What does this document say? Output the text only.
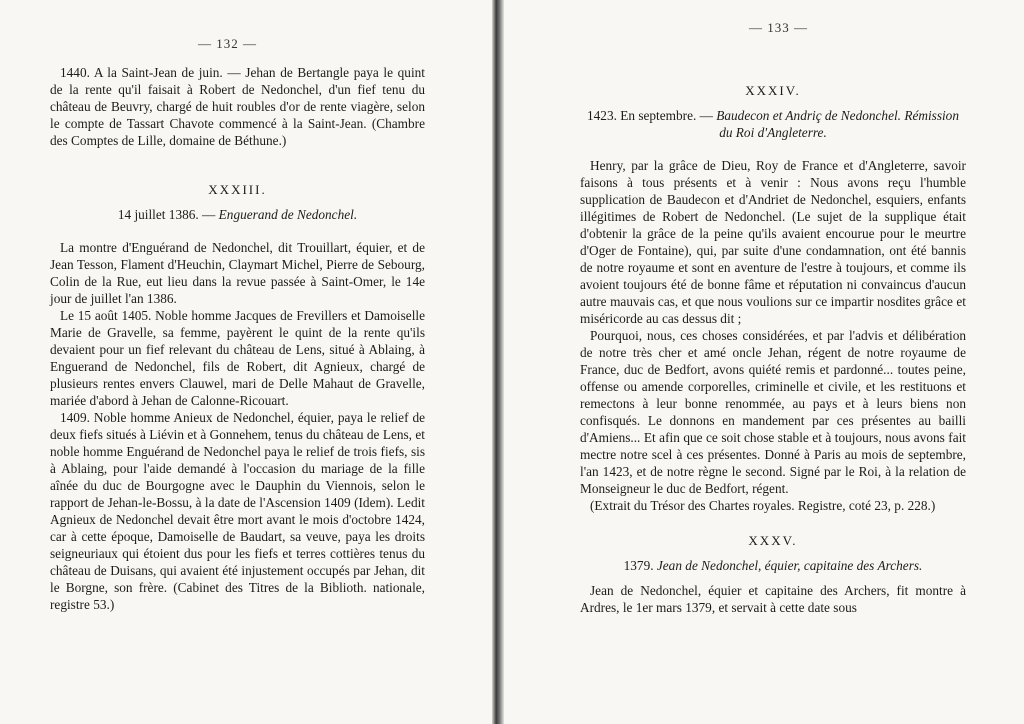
— 132 —

1440. A la Saint-Jean de juin. — Jehan de Bertangle paya le quint de la rente qu'il faisait à Robert de Nedonchel, d'un fief tenu du château de Beuvry, chargé de huit roubles d'or de rente viagère, selon le compte de Tassart Chavote commencé à la Saint-Jean. (Chambre des Comptes de Lille, domaine de Béthune.)

XXXIII.
14 juillet 1386. — Enguerand de Nedonchel.

La montre d'Enguérand de Nedonchel, dit Trouillart, équier, et de Jean Tesson, Flament d'Heuchin, Claymart Michel, Pierre de Sebourg, Colin de la Rue, eut lieu dans la revue passée à Saint-Omer, le 14e jour de juillet l'an 1386.

Le 15 août 1405. Noble homme Jacques de Frevillers et Damoiselle Marie de Gravelle, sa femme, payèrent le quint de la rente qu'ils devaient pour un fief relevant du château de Lens, situé à Ablaing, à Enguerand de Nedonchel, fils de Robert, dit Agnieux, chargé de plusieurs rentes envers Clauwel, mari de Delle Mahaut de Gravelle, mariée d'abord à Jehan de Calonne-Ricouart.

1409. Noble homme Anieux de Nedonchel, équier, paya le relief de deux fiefs situés à Liévin et à Gonnehem, tenus du château de Lens, et noble homme Enguérand de Nedonchel paya le relief de trois fiefs, sis à Ablaing, pour l'aide demandé à l'occasion du mariage de la fille aînée du duc de Bourgogne avec le Dauphin du Viennois, selon le rapport de Jehan-le-Bossu, à la date de l'Ascension 1409 (Idem). Ledit Agnieux de Nedonchel devait être mort avant le mois d'octobre 1424, car à cette époque, Damoiselle de Baudart, sa veuve, paya les droits seigneuriaux qui étoient dus pour les fiefs et terres cottières tenus du château de Duisans, qui avaient été injustement occupés par Jehan, dit le Borgne, son frère. (Cabinet des Titres de la Biblioth. nationale, registre 53.)

— 133 —
XXXIV.
1423. En septembre. — Baudecon et Andriç de Nedonchel. Rémission du Roi d'Angleterre.

Henry, par la grâce de Dieu, Roy de France et d'Angleterre, savoir faisons à tous présents et à venir : Nous avons reçu l'humble supplication de Baudecon et d'Andriet de Nedonchel, esquiers, enfants illégitimes de Robert de Nedonchel. (Le sujet de la supplique était d'obtenir la grâce de la peine qu'ils avaient encourue pour le meurtre d'Oger de Fontaine), qui, par suite d'une condamnation, ont été bannis de notre royaume et sont en aventure de l'estre à toujours, et comme ils avoient toujours été de bonne fâme et réputation ni convaincus d'aucun autre mauvais cas, et que nous voulions sur ce impartir nosdites grâce et miséricorde au cas dessus dit ;

Pourquoi, nous, ces choses considérées, et par l'advis et délibération de notre très cher et amé oncle Jehan, régent de notre royaume de France, duc de Bedfort, avons quiété remis et pardonné... toutes peine, offense ou amende corporelles, criminelle et civile, et les restituons et remectons à leur bonne renommée, au pays et à leurs biens non confisqués. Le donnons en mandement par ces présentes au bailli d'Amiens... Et afin que ce soit chose stable et à toujours, nous avons fait mectre notre scel à ces présentes. Donné à Paris au mois de septembre, l'an 1423, et de notre règne le second. Signé par le Roi, à la relation de Monseigneur le duc de Bedfort, régent.

(Extrait du Trésor des Chartes royales. Registre, coté 23, p. 228.)

XXXV.
1379. Jean de Nedonchel, équier, capitaine des Archers.

Jean de Nedonchel, équier et capitaine des Archers, fit montre à Ardres, le 1er mars 1379, et servait à cette date sous
